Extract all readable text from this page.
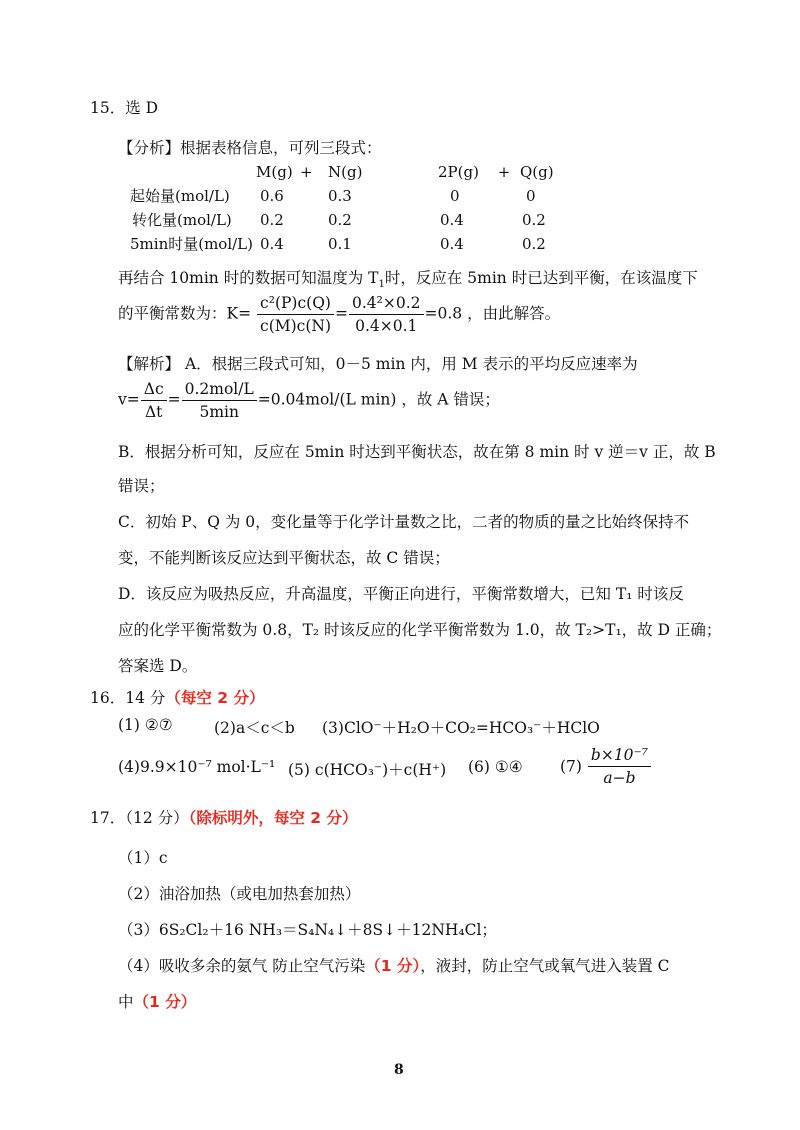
15．选 D
【分析】根据表格信息，可列三段式：
	M(g)	+	N(g)	2P(g)	+	Q(g)
起始量(mol/L)	0.6		0.3	0		0
转化量(mol/L)	0.2		0.2	0.4		0.2
5min时量(mol/L)	0.4		0.1	0.4		0.2
再结合 10min 时的数据可知温度为 $T_1$时，反应在 5min 时已达到平衡，在该温度下
的平衡常数为：$K= \frac{\text{c²(P)c(Q)}}{c(M)c(N)} = \frac{\text{0.4²×0.2}}{0.4\times 0.1} =0.8$ ，由此解答。
【解析】 A．根据三段式可知，0－5 min 内，用 M 表示的平均反应速率为
$v= \frac{\Delta c}{\Delta t} = \frac{\text{0.2mol/L}}{5\min} =0.04mol/(L$ min) ，故 A 错误；
B．根据分析可知，反应在 5min 时达到平衡状态，故在第 8 min 时 v 逆＝v 正，故 B
错误；
C．初始 P、Q 为 0，变化量等于化学计量数之比，二者的物质的量之比始终保持不
变，不能判断该反应达到平衡状态，故 C 错误；
D．该反应为吸热反应，升高温度，平衡正向进行，平衡常数增大，已知 T₁ 时该反
应的化学平衡常数为 0.8，T₂ 时该反应的化学平衡常数为 1.0，故 T₂>T₁，故 D 正确；
答案选 D。
16．14 分（每空 2 分）
(1) ②⑦	(2)a＜c＜b (3)ClO⁻＋H₂O＋CO₂=HCO₃⁻＋HClO
(4)9.9×10⁻⁷ mol·L⁻¹ (5) c(HCO₃⁻)＋c(H⁺) (6) ①④ $(7) \frac{\text{b×10⁻⁷}}{a-b}$
17．（12 分）（除标明外，每空 2 分）
（1）c
（2）油浴加热（或电加热套加热）
（3）6S₂Cl₂＋16 NH₃＝S₄N₄↓＋8S↓＋12NH₄Cl；
（4）吸收多余的氨气 防止空气污染（1 分），液封，防止空气或氧气进入装置 C
中（1 分）
8
